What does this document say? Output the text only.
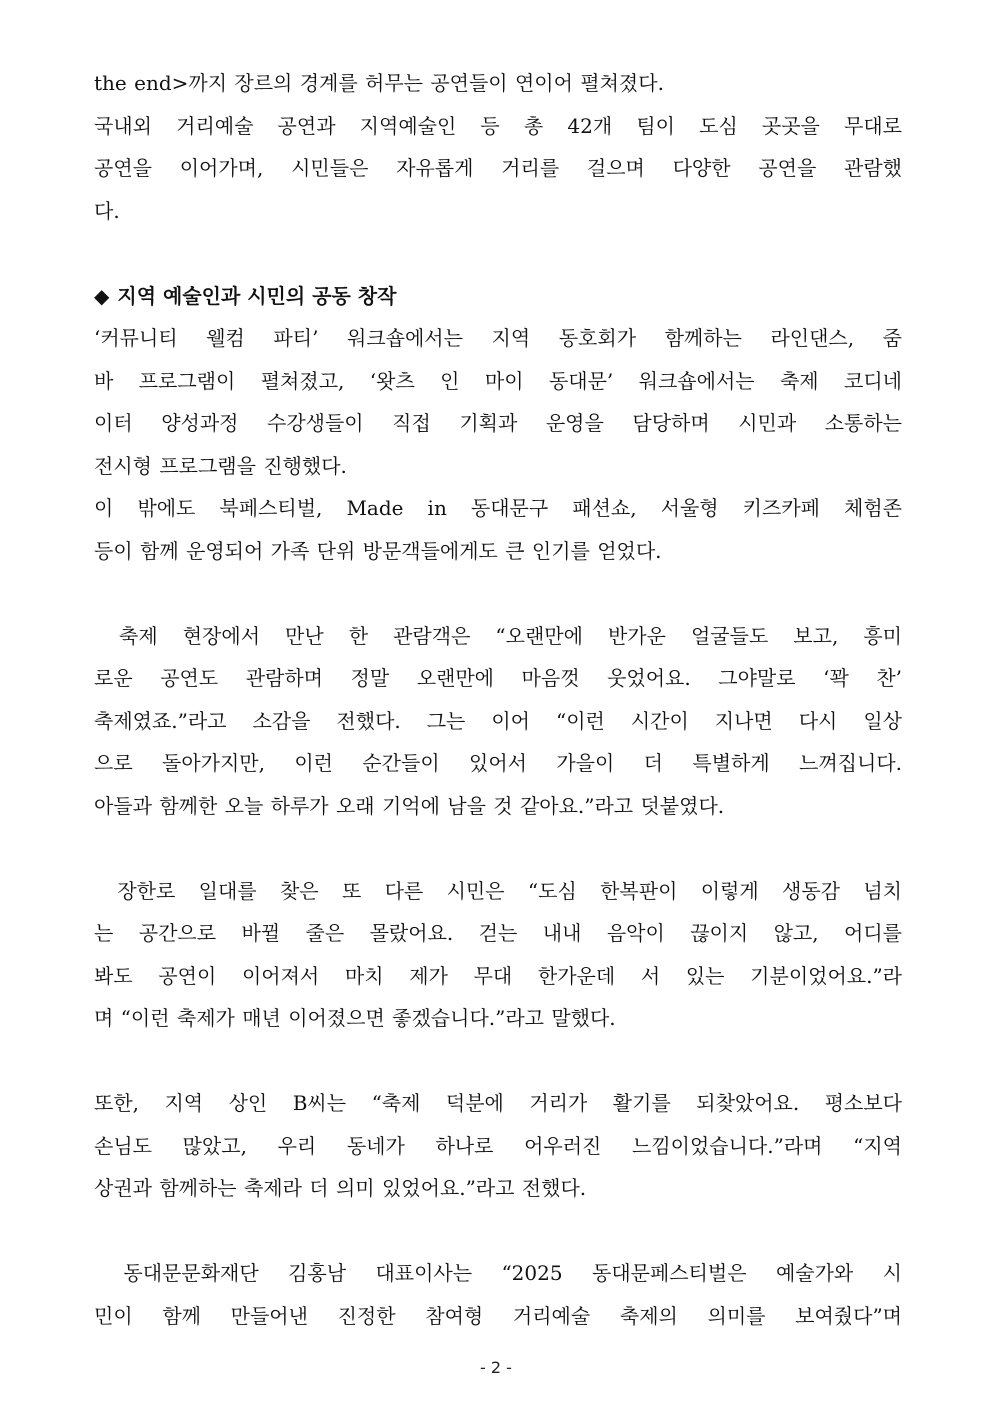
the end>까지 장르의 경계를 허무는 공연들이 연이어 펼쳐졌다.
국내외 거리예술 공연과 지역예술인 등 총 42개 팀이 도심 곳곳을 무대로
공연을 이어가며, 시민들은 자유롭게 거리를 걸으며 다양한 공연을 관람했
다.
◆ 지역 예술인과 시민의 공동 창작
‘커뮤니티 웰컴 파티’ 워크숍에서는 지역 동호회가 함께하는 라인댄스, 줌
바 프로그램이 펼쳐졌고, ‘왓츠 인 마이 동대문’ 워크숍에서는 축제 코디네
이터 양성과정 수강생들이 직접 기획과 운영을 담당하며 시민과 소통하는
전시형 프로그램을 진행했다.
이 밖에도 북페스티벌, Made in 동대문구 패션쇼, 서울형 키즈카페 체험존
등이 함께 운영되어 가족 단위 방문객들에게도 큰 인기를 얻었다.
축제 현장에서 만난 한 관람객은 “오랜만에 반가운 얼굴들도 보고, 흥미
로운 공연도 관람하며 정말 오랜만에 마음껏 웃었어요. 그야말로 ‘꽉 찬’
축제였죠.”라고 소감을 전했다. 그는 이어 “이런 시간이 지나면 다시 일상
으로 돌아가지만, 이런 순간들이 있어서 가을이 더 특별하게 느껴집니다.
아들과 함께한 오늘 하루가 오래 기억에 남을 것 같아요.”라고 덧붙였다.
장한로 일대를 찾은 또 다른 시민은 “도심 한복판이 이렇게 생동감 넘치
는 공간으로 바뀔 줄은 몰랐어요. 걷는 내내 음악이 끊이지 않고, 어디를
봐도 공연이 이어져서 마치 제가 무대 한가운데 서 있는 기분이었어요.”라
며 “이런 축제가 매년 이어졌으면 좋겠습니다.”라고 말했다.
또한, 지역 상인 B씨는 “축제 덕분에 거리가 활기를 되찾았어요. 평소보다
손님도 많았고, 우리 동네가 하나로 어우러진 느낌이었습니다.”라며 “지역
상권과 함께하는 축제라 더 의미 있었어요.”라고 전했다.
동대문문화재단 김홍남 대표이사는 “2025 동대문페스티벌은 예술가와 시
민이 함께 만들어낸 진정한 참여형 거리예술 축제의 의미를 보여줬다”며
- 2 -
